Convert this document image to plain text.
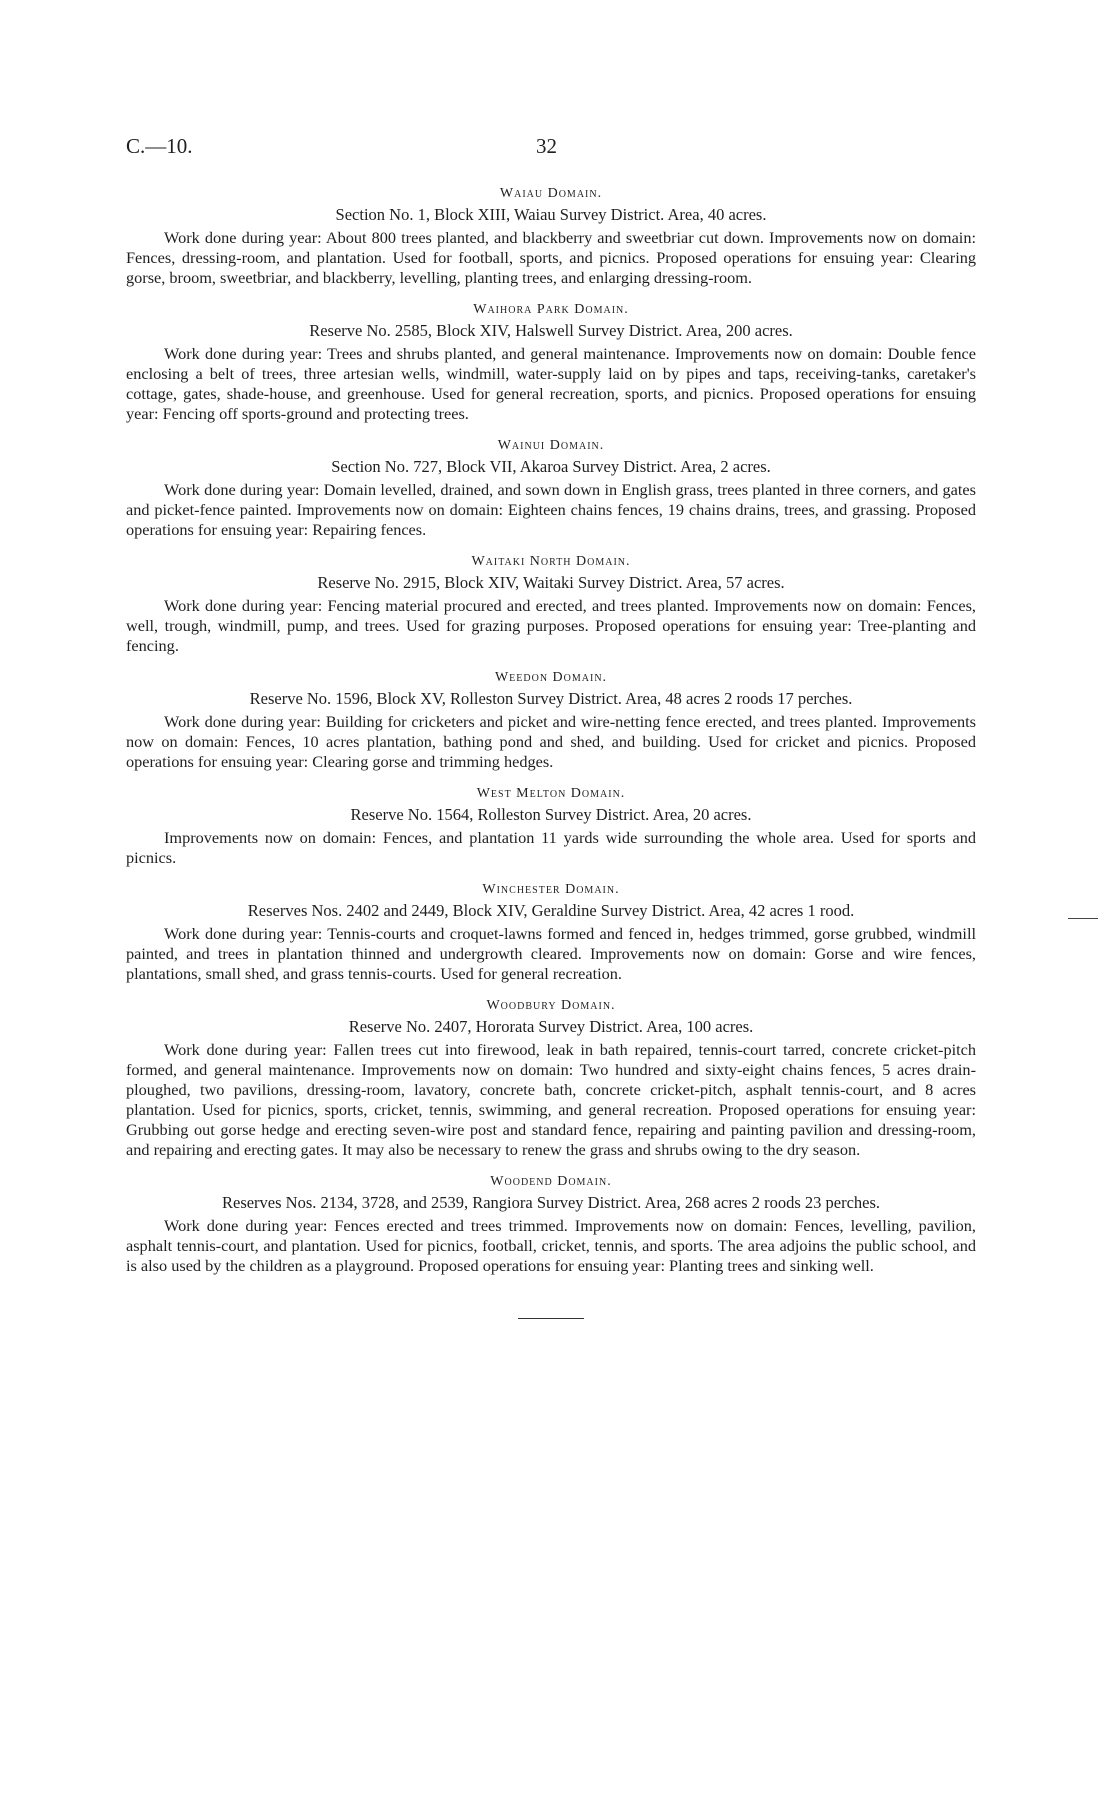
C.—10.	32
Waiau Domain.
Section No. 1, Block XIII, Waiau Survey District. Area, 40 acres.

Work done during year: About 800 trees planted, and blackberry and sweetbriar cut down. Improvements now on domain: Fences, dressing-room, and plantation. Used for football, sports, and picnics. Proposed operations for ensuing year: Clearing gorse, broom, sweetbriar, and blackberry, levelling, planting trees, and enlarging dressing-room.

Waihora Park Domain.
Reserve No. 2585, Block XIV, Halswell Survey District. Area, 200 acres.

Work done during year: Trees and shrubs planted, and general maintenance. Improvements now on domain: Double fence enclosing a belt of trees, three artesian wells, windmill, water-supply laid on by pipes and taps, receiving-tanks, caretaker's cottage, gates, shade-house, and greenhouse. Used for general recreation, sports, and picnics. Proposed operations for ensuing year: Fencing off sports-ground and protecting trees.

Wainui Domain.
Section No. 727, Block VII, Akaroa Survey District. Area, 2 acres.

Work done during year: Domain levelled, drained, and sown down in English grass, trees planted in three corners, and gates and picket-fence painted. Improvements now on domain: Eighteen chains fences, 19 chains drains, trees, and grassing. Proposed operations for ensuing year: Repairing fences.

Waitaki North Domain.
Reserve No. 2915, Block XIV, Waitaki Survey District. Area, 57 acres.

Work done during year: Fencing material procured and erected, and trees planted. Improvements now on domain: Fences, well, trough, windmill, pump, and trees. Used for grazing purposes. Proposed operations for ensuing year: Tree-planting and fencing.

Weedon Domain.
Reserve No. 1596, Block XV, Rolleston Survey District. Area, 48 acres 2 roods 17 perches.

Work done during year: Building for cricketers and picket and wire-netting fence erected, and trees planted. Improvements now on domain: Fences, 10 acres plantation, bathing pond and shed, and building. Used for cricket and picnics. Proposed operations for ensuing year: Clearing gorse and trimming hedges.

West Melton Domain.
Reserve No. 1564, Rolleston Survey District. Area, 20 acres.

Improvements now on domain: Fences, and plantation 11 yards wide surrounding the whole area. Used for sports and picnics.

Winchester Domain.
Reserves Nos. 2402 and 2449, Block XIV, Geraldine Survey District. Area, 42 acres 1 rood.

Work done during year: Tennis-courts and croquet-lawns formed and fenced in, hedges trimmed, gorse grubbed, windmill painted, and trees in plantation thinned and undergrowth cleared. Improvements now on domain: Gorse and wire fences, plantations, small shed, and grass tennis-courts. Used for general recreation.

Woodbury Domain.
Reserve No. 2407, Hororata Survey District. Area, 100 acres.

Work done during year: Fallen trees cut into firewood, leak in bath repaired, tennis-court tarred, concrete cricket-pitch formed, and general maintenance. Improvements now on domain: Two hundred and sixty-eight chains fences, 5 acres drain-ploughed, two pavilions, dressing-room, lavatory, concrete bath, concrete cricket-pitch, asphalt tennis-court, and 8 acres plantation. Used for picnics, sports, cricket, tennis, swimming, and general recreation. Proposed operations for ensuing year: Grubbing out gorse hedge and erecting seven-wire post and standard fence, repairing and painting pavilion and dressing-room, and repairing and erecting gates. It may also be necessary to renew the grass and shrubs owing to the dry season.

Woodend Domain.
Reserves Nos. 2134, 3728, and 2539, Rangiora Survey District. Area, 268 acres 2 roods 23 perches.

Work done during year: Fences erected and trees trimmed. Improvements now on domain: Fences, levelling, pavilion, asphalt tennis-court, and plantation. Used for picnics, football, cricket, tennis, and sports. The area adjoins the public school, and is also used by the children as a playground. Proposed operations for ensuing year: Planting trees and sinking well.
